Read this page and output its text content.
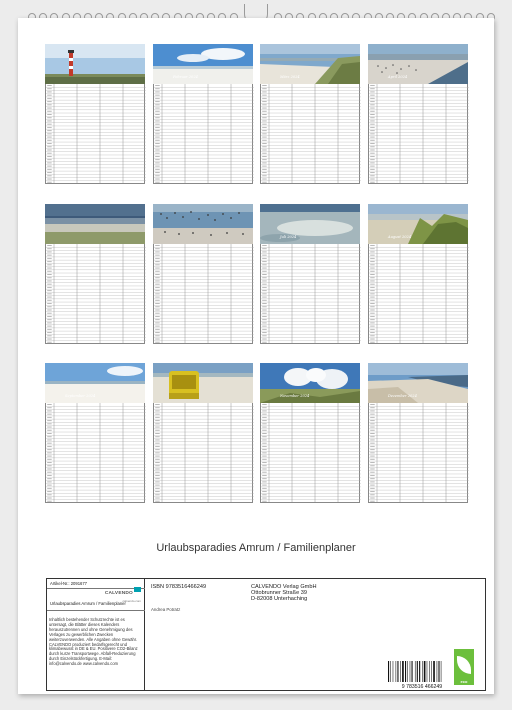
Februar 2024	März 2024	April 2024
Juli 2024	August 2024
September 2024	November 2024	Dezember 2024
Urlaubsparadies Amrum / Familienplaner
Artikel-Nr.: 2091677
CALVENDO
calvendo.com
Urlaubsparadies Amrum / Familienplaner
Inhaltlich bestehender Schutzrechte ist es untersagt, die Blätter dieses Kalenders herauszutrennen und ohne Genehmigung des Verlages zu gewerblichen Zwecken weiterzuverwenden. Alle Angaben ohne Gewähr. CALVENDO produziert bedarfsgerecht und klimabewusst in DE & EU. Positivere CO2-Bilanz durch kurze Transportwege. Abfall-Reduzierung durch Einzelstückfertigung. E-Mail: info@calvendo.de www.calvendo.com
ISBN 9783516466249
Andrea Potratz
CALVENDO Verlag GmbH
Ottobrunner Straße 39
D-82008 Unterhaching
eco
9 783516 466249
